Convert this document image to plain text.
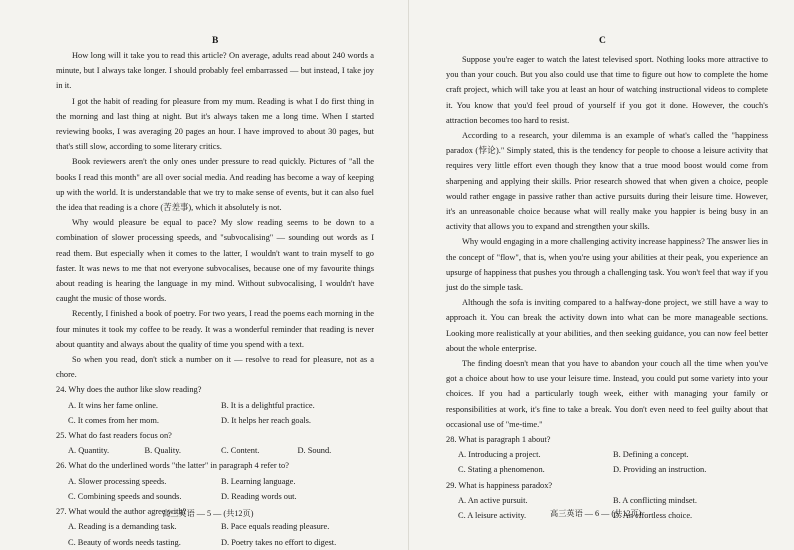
B	C

How long will it take you to read this article? On average, adults read about 240 words a minute, but I always take longer. I should probably feel embarrassed — but instead, I take joy in it.

I got the habit of reading for pleasure from my mum. Reading is what I do first thing in the morning and last thing at night. But it's always taken me a long time. When I started reviewing books, I was averaging 20 pages an hour. I have improved to about 30 pages, but that's still slow, according to some literary critics.

Book reviewers aren't the only ones under pressure to read quickly. Pictures of "all the books I read this month" are all over social media. And reading has become a way of keeping up with the world. It is understandable that we try to make sense of events, but it can also fuel the idea that reading is a chore (苦差事), which it absolutely is not.

Why would pleasure be equal to pace? My slow reading seems to be down to a combination of slower processing speeds, and "subvocalising" — sounding out words as I read them. But especially when it comes to the latter, I wouldn't want to train myself to go faster. It was news to me that not everyone subvocalises, because one of my favourite things about reading is hearing the language in my mind. Without subvocalising, I wouldn't have caught the music of those words.

Recently, I finished a book of poetry. For two years, I read the poems each morning in the four minutes it took my coffee to be ready. It was a wonderful reminder that reading is never about quantity and always about the quality of time you spend with a text.

So when you read, don't stick a number on it — resolve to read for pleasure, not as a chore.

24. Why does the author like slow reading?
A. It wins her fame online.	B. It is a delightful practice.
C. It comes from her mom.	D. It helps her reach goals.
25. What do fast readers focus on?
A. Quantity.	B. Quality.	C. Content.	D. Sound.
26. What do the underlined words "the latter" in paragraph 4 refer to?
A. Slower processing speeds.	B. Learning language.
C. Combining speeds and sounds.	D. Reading words out.
27. What would the author agree with?
A. Reading is a demanding task.	B. Pace equals reading pleasure.
C. Beauty of words needs tasting.	D. Poetry takes no effort to digest.

Suppose you're eager to watch the latest televised sport. Nothing looks more attractive to you than your couch. But you also could use that time to figure out how to complete the home craft project, which will take you at least an hour of watching instructional videos to complete it. You know that you'd feel proud of yourself if you got it done. However, the couch's attraction becomes too hard to resist.

According to a research, your dilemma is an example of what's called the "happiness paradox (悖论)." Simply stated, this is the tendency for people to choose a leisure activity that requires very little effort even though they know that a true mood boost would come from sharpening and applying their skills. Prior research showed that when given a choice, people would rather engage in passive rather than active pursuits during their leisure time. However, it's an unreasonable choice because what will really make you happier is being busy in an activity that allows you to expand and strengthen your skills.

Why would engaging in a more challenging activity increase happiness? The answer lies in the concept of "flow", that is, when you're using your abilities at their peak, you experience an upsurge of happiness that pushes you through a challenging task. You won't feel that way if you just do the simple task.

Although the sofa is inviting compared to a halfway-done project, we still have a way to approach it. You can break the activity down into what can be more manageable sections. Looking more realistically at your abilities, and then seeking guidance, you can now feel better about the whole enterprise.

The finding doesn't mean that you have to abandon your couch all the time when you've got a choice about how to use your leisure time. Instead, you could put some variety into your choices. If you had a particularly tough week, either with managing your family or responsibilities at work, it's fine to take a break. You don't even need to feel guilty about that occasional use of "me-time."

28. What is paragraph 1 about?
A. Introducing a project.	B. Defining a concept.
C. Stating a phenomenon.	D. Providing an instruction.
29. What is happiness paradox?
A. An active pursuit.	B. A conflicting mindset.
C. A leisure activity.	D. An effortless choice.
高三英语 — 5 — (共12页)	高三英语 — 6 — (共12页)
